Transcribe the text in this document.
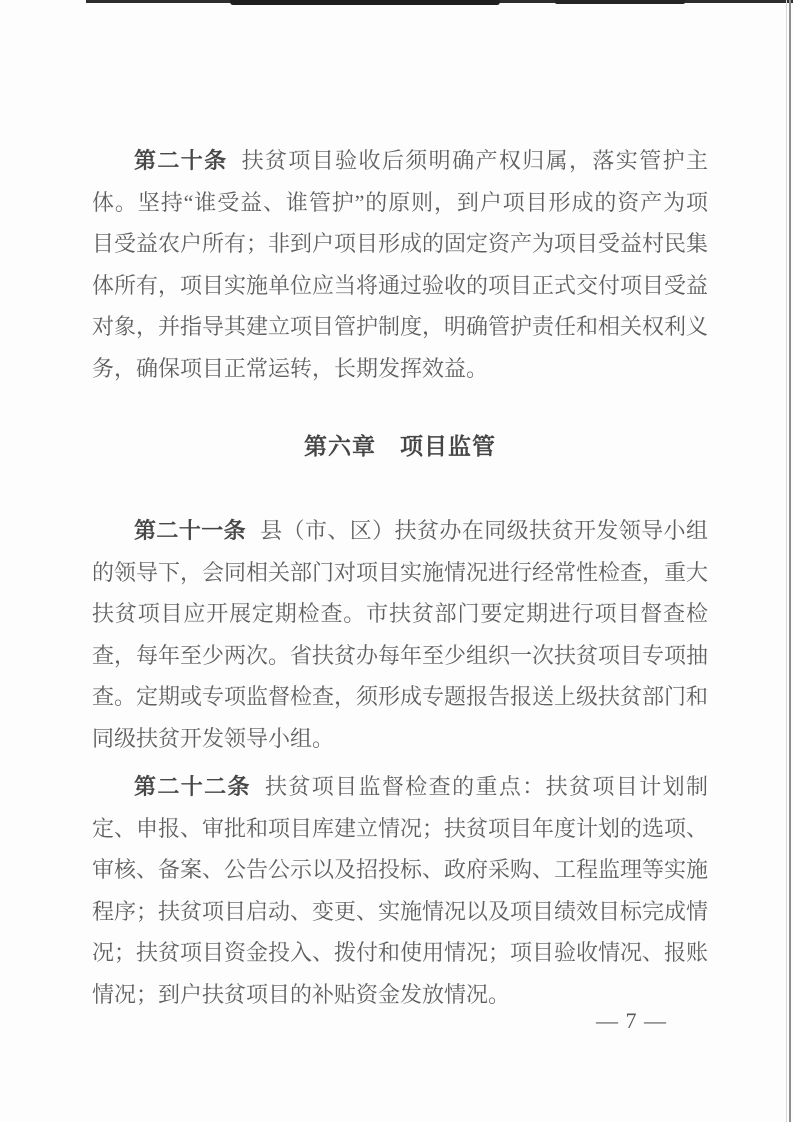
第二十条 扶贫项目验收后须明确产权归属，落实管护主
体。坚持“谁受益、谁管护”的原则，到户项目形成的资产为项
目受益农户所有；非到户项目形成的固定资产为项目受益村民集
体所有，项目实施单位应当将通过验收的项目正式交付项目受益
对象，并指导其建立项目管护制度，明确管护责任和相关权利义
务，确保项目正常运转，长期发挥效益。
第六章　项目监管
第二十一条 县（市、区）扶贫办在同级扶贫开发领导小组
的领导下，会同相关部门对项目实施情况进行经常性检查，重大
扶贫项目应开展定期检查。市扶贫部门要定期进行项目督查检
查，每年至少两次。省扶贫办每年至少组织一次扶贫项目专项抽
查。定期或专项监督检查，须形成专题报告报送上级扶贫部门和
同级扶贫开发领导小组。
第二十二条 扶贫项目监督检查的重点：扶贫项目计划制
定、申报、审批和项目库建立情况；扶贫项目年度计划的选项、
审核、备案、公告公示以及招投标、政府采购、工程监理等实施
程序；扶贫项目启动、变更、实施情况以及项目绩效目标完成情
况；扶贫项目资金投入、拨付和使用情况；项目验收情况、报账
情况；到户扶贫项目的补贴资金发放情况。
— 7 —
